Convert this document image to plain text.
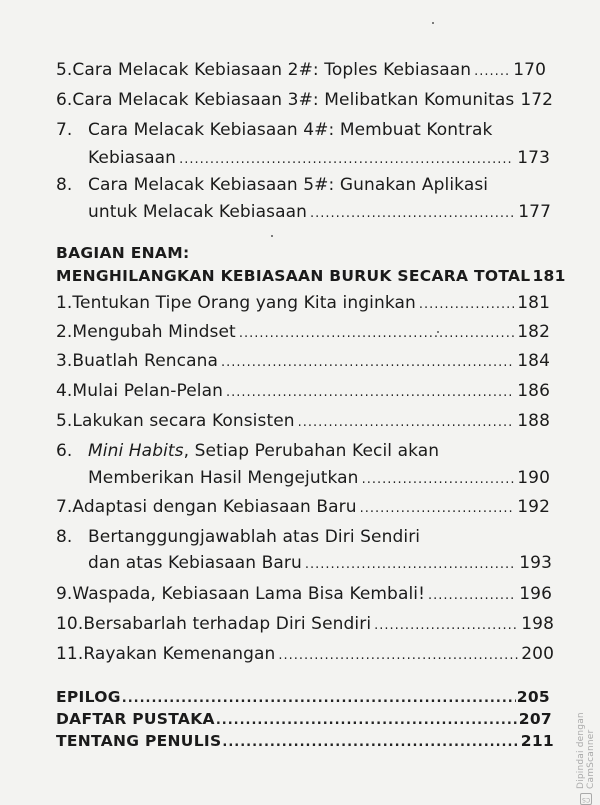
5. Cara Melacak Kebiasaan 2#: Toples Kebiasaan ..... 170
6. Cara Melacak Kebiasaan 3#: Melibatkan Komunitas 172
7. Cara Melacak Kebiasaan 4#: Membuat Kontrak
Kebiasaan .....	173
8. Cara Melacak Kebiasaan 5#: Gunakan Aplikasi
untuk Melacak Kebiasaan .....	177
BAGIAN ENAM:
MENGHILANGKAN KEBIASAAN BURUK SECARA TOTAL 181
1. Tentukan Tipe Orang yang Kita inginkan .....	181
2. Mengubah Mindset .....	182
3. Buatlah Rencana .....	184
4. Mulai Pelan-Pelan .....	186
5. Lakukan secara Konsisten .....	188
6. Mini Habits , Setiap Perubahan Kecil akan
Memberikan Hasil Mengejutkan .....	190
7. Adaptasi dengan Kebiasaan Baru .....	192
8. Bertanggungjawablah atas Diri Sendiri
dan atas Kebiasaan Baru .....	193
9. Waspada, Kebiasaan Lama Bisa Kembali! .....	196
10. Bersabarlah terhadap Diri Sendiri .....	198
11. Rayakan Kemenangan .....	200
EPILOG .....	205
DAFTAR PUSTAKA .....	207
TENTANG PENULIS .....	211
CS
Dipindai dengan CamScanner
